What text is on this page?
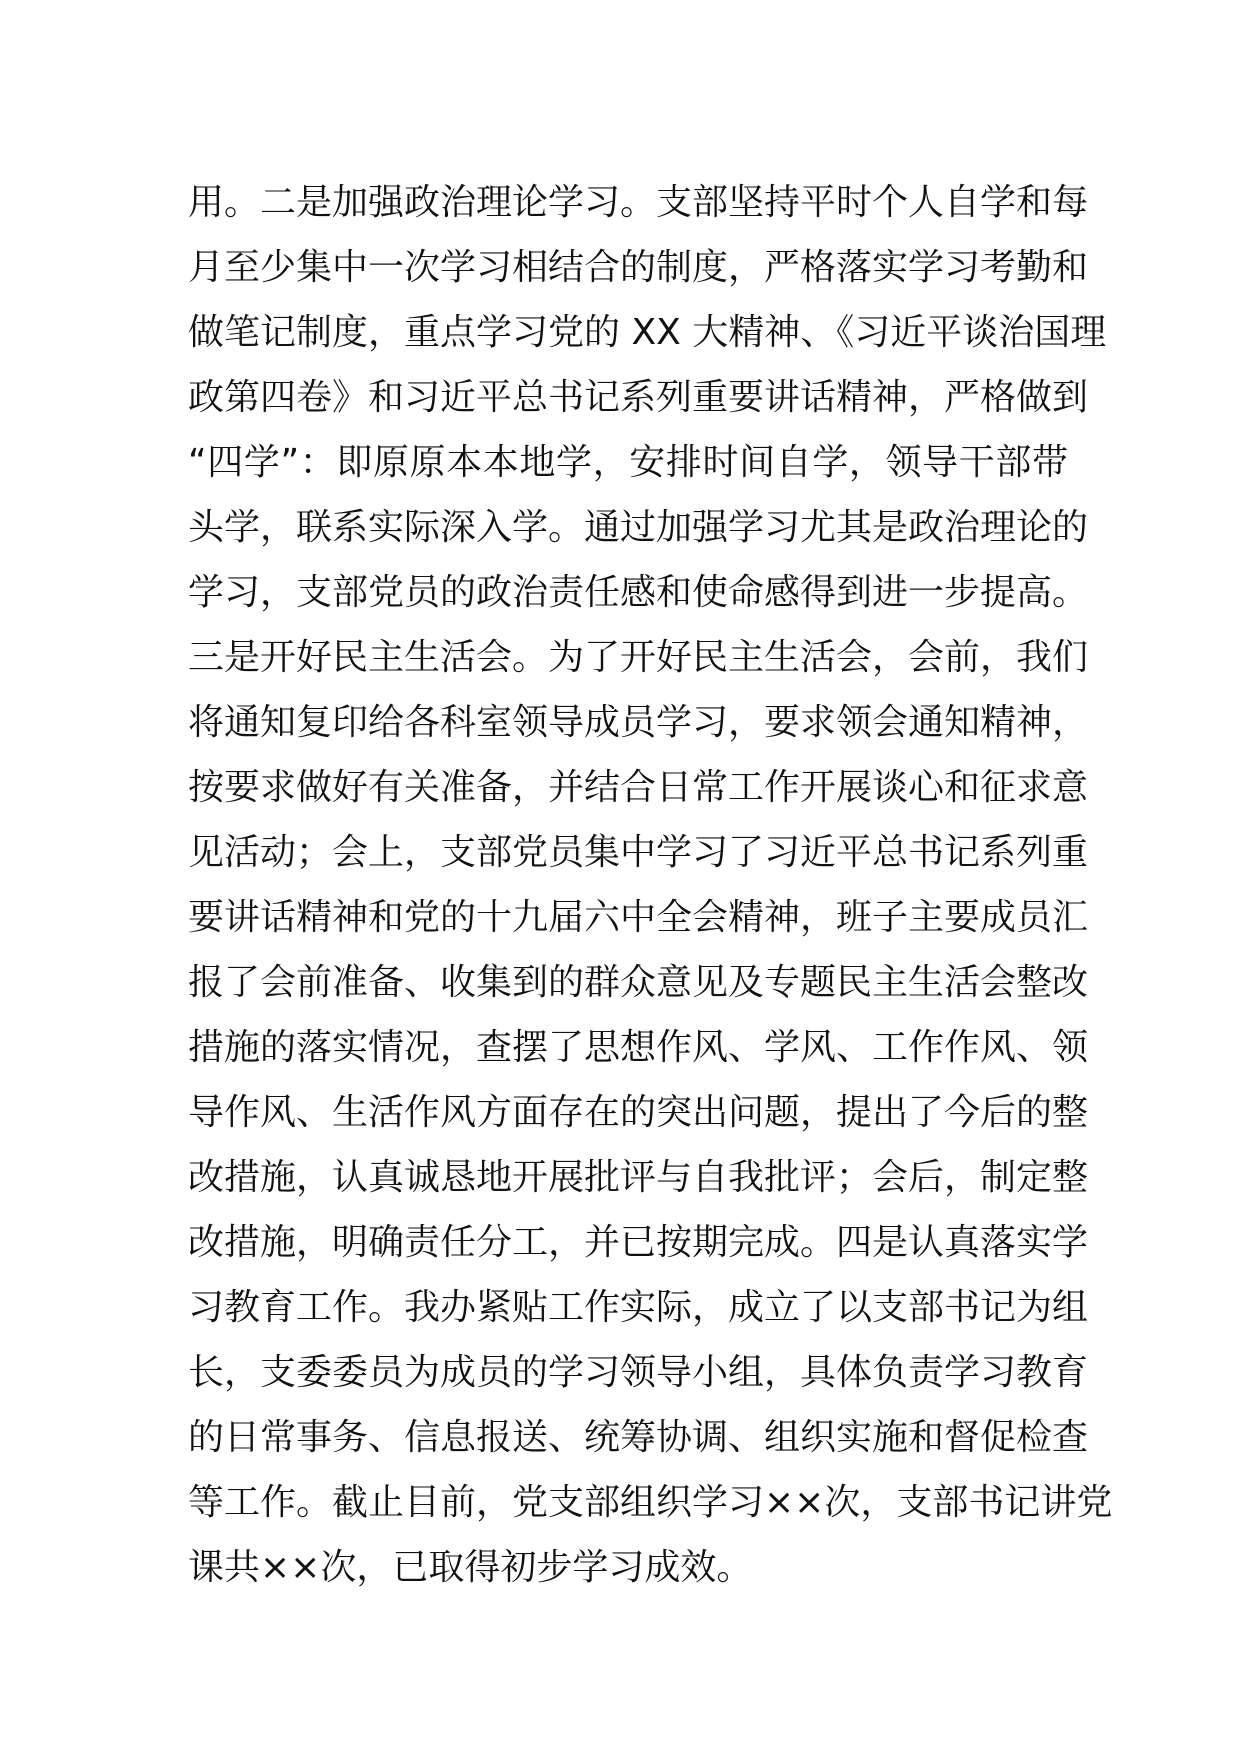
用。二是加强政治理论学习。支部坚持平时个人自学和每
月至少集中一次学习相结合的制度，严格落实学习考勤和
做笔记制度，重点学习党的 XX 大精神、《习近平谈治国理
政第四卷》和习近平总书记系列重要讲话精神，严格做到
“四学”：即原原本本地学，安排时间自学，领导干部带
头学，联系实际深入学。通过加强学习尤其是政治理论的
学习，支部党员的政治责任感和使命感得到进一步提高。
三是开好民主生活会。为了开好民主生活会，会前，我们
将通知复印给各科室领导成员学习，要求领会通知精神，
按要求做好有关准备，并结合日常工作开展谈心和征求意
见活动；会上，支部党员集中学习了习近平总书记系列重
要讲话精神和党的十九届六中全会精神，班子主要成员汇
报了会前准备、收集到的群众意见及专题民主生活会整改
措施的落实情况，查摆了思想作风、学风、工作作风、领
导作风、生活作风方面存在的突出问题，提出了今后的整
改措施，认真诚恳地开展批评与自我批评；会后，制定整
改措施，明确责任分工，并已按期完成。四是认真落实学
习教育工作。我办紧贴工作实际，成立了以支部书记为组
长，支委委员为成员的学习领导小组，具体负责学习教育
的日常事务、信息报送、统筹协调、组织实施和督促检查
等工作。截止目前，党支部组织学习××次，支部书记讲党
课共××次，已取得初步学习成效。
